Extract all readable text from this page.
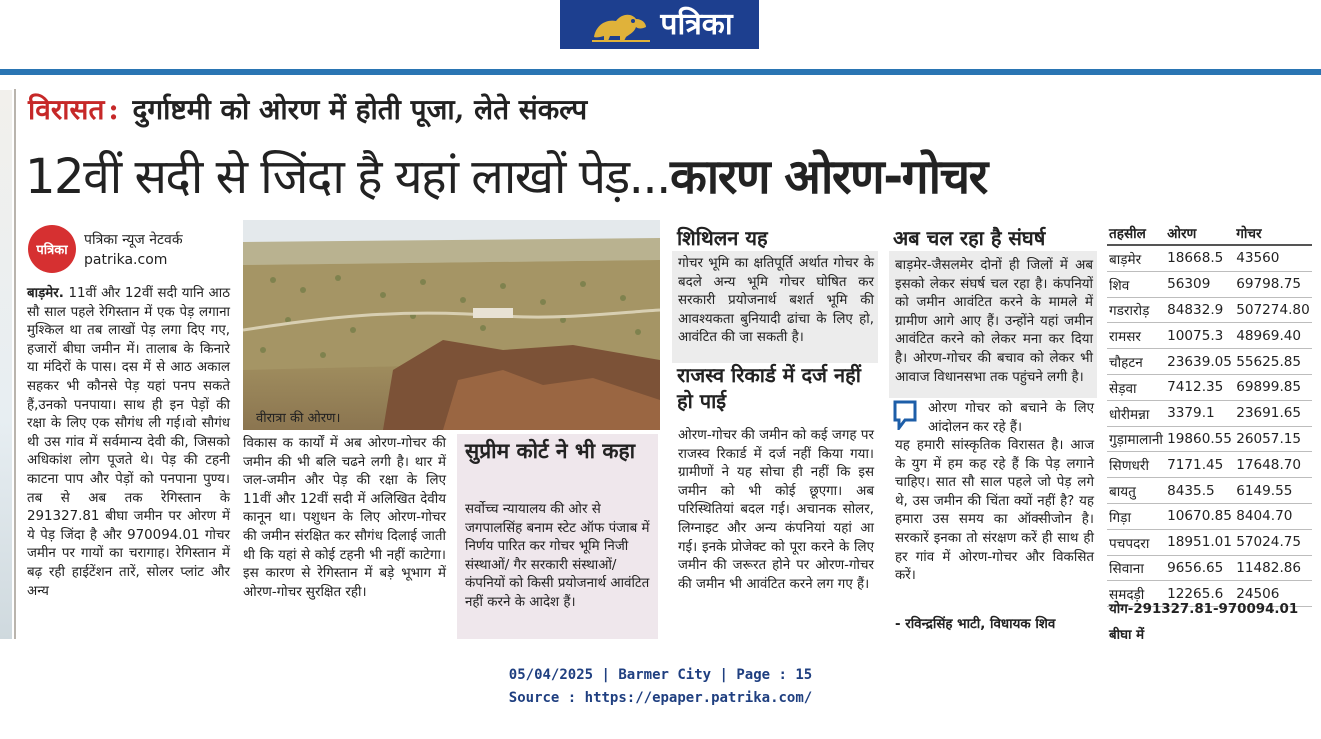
पत्रिका
विरासत : दुर्गाष्टमी को ओरण में होती पूजा, लेते संकल्प
12वीं सदी से जिंदा है यहां लाखों पेड़...कारण ओरण-गोचर
पत्रिका
पत्रिका न्यूज नेटवर्क
patrika.com

बाड़मेर. 11वीं और 12वीं सदी यानि आठ सौ साल पहले रेगिस्तान में एक पेड़ लगाना मुश्किल था तब लाखों पेड़ लगा दिए गए, हजारों बीघा जमीन में। तालाब के किनारे या मंदिरों के पास। दस में से आठ अकाल सहकर भी कौनसे पेड़ यहां पनप सकते हैं,उनको पनपाया। साथ ही इन पेड़ों की रक्षा के लिए एक सौगंध ली गई।वो सौगंध थी उस गांव में सर्वमान्य देवी की, जिसको अधिकांश लोग पूजते थे। पेड़ की टहनी काटना पाप और पेड़ों को पनपाना पुण्य। तब से अब तक रेगिस्तान के 291327.81 बीघा जमीन पर ओरण में ये पेड़ जिंदा है और 970094.01 गोचर जमीन पर गायों का चरागाह। रेगिस्तान में बढ़ रही हाईटेंशन तारें, सोलर प्लांट और अन्य

वीरात्रा की ओरण।

विकास क कार्यों में अब ओरण-गोचर की जमीन की भी बलि चढने लगी है। थार में जल-जमीन और पेड़ की रक्षा के लिए 11वीं और 12वीं सदी में अलिखित देवीय कानून था। पशुधन के लिए ओरण-गोचर की जमीन संरक्षित कर सौगंध दिलाई जाती थी कि यहां से कोई टहनी भी नहीं काटेगा।इस कारण से रेगिस्तान में बड़े भूभाग में ओरण-गोचर सुरक्षित रही।

सुप्रीम कोर्ट ने भी कहा

सर्वोच्च न्यायालय की ओर से जगपालसिंह बनाम स्टेट ऑफ पंजाब में निर्णय पारित कर गोचर भूमि निजी संस्थाओं/ गैर सरकारी संस्थाओं/कंपनियों को किसी प्रयोजनार्थ आवंटित नहीं करने के आदेश हैं।

शिथिलन यह

गोचर भूमि का क्षतिपूर्ति अर्थात गोचर के बदले अन्य भूमि गोचर घोषित कर सरकारी प्रयोजनार्थ बशर्त भूमि की आवश्यकता बुनियादी ढांचा के लिए हो, आवंटित की जा सकती है।

राजस्व रिकार्ड में दर्ज नहीं हो पाई

ओरण-गोचर की जमीन को कई जगह पर राजस्व रिकार्ड में दर्ज नहीं किया गया। ग्रामीणों ने यह सोचा ही नहीं कि इस जमीन को भी कोई छूएगा। अब परिस्थितियां बदल गई। अचानक सोलर, लिग्नाइट और अन्य कंपनियां यहां आ गई। इनके प्रोजेक्ट को पूरा करने के लिए जमीन की जरूरत होने पर ओरण-गोचर की जमीन भी आवंटित करने लग गए हैं।

अब चल रहा है संघर्ष

बाड़मेर-जैसलमेर दोनों ही जिलों में अब इसको लेकर संघर्ष चल रहा है। कंपनियों को जमीन आवंटित करने के मामले में ग्रामीण आगे आए हैं। उन्होंने यहां जमीन आवंटित करने को लेकर मना कर दिया है। ओरण-गोचर की बचाव को लेकर भी आवाज विधानसभा तक पहुंचने लगी है।

ओरण गोचर को बचाने के लिए आंदोलन कर रहे हैं।

यह हमारी सांस्कृतिक विरासत है। आज के युग में हम कह रहे हैं कि पेड़ लगाने चाहिए। सात सौ साल पहले जो पेड़ लगे थे, उस जमीन की चिंता क्यों नहीं है? यह हमारा उस समय का ऑक्सीजोन है। सरकारें इनका तो संरक्षण करें ही साथ ही हर गांव में ओरण-गोचर और विकसित करें।

- रविन्द्रसिंह भाटी, विधायक शिव

तहसील	ओरण	गोचर
बाड़मेर	18668.5	43560
शिव	56309	69798.75
गडरारोड़	84832.9	507274.80
रामसर	10075.3	48969.40
चौहटन	23639.05	55625.85
सेड़वा	7412.35	69899.85
धोरीमन्ना	3379.1	23691.65
गुड़ामालानी	19860.55	26057.15
सिणधरी	7171.45	17648.70
बायतु	8435.5	6149.55
गिड़ा	10670.85	8404.70
पचपदरा	18951.01	57024.75
सिवाना	9656.65	11482.86
समदड़ी	12265.6	24506
योग-291327.81-970094.01
बीघा में
05/04/2025 | Barmer City | Page : 15
Source : https://epaper.patrika.com/
